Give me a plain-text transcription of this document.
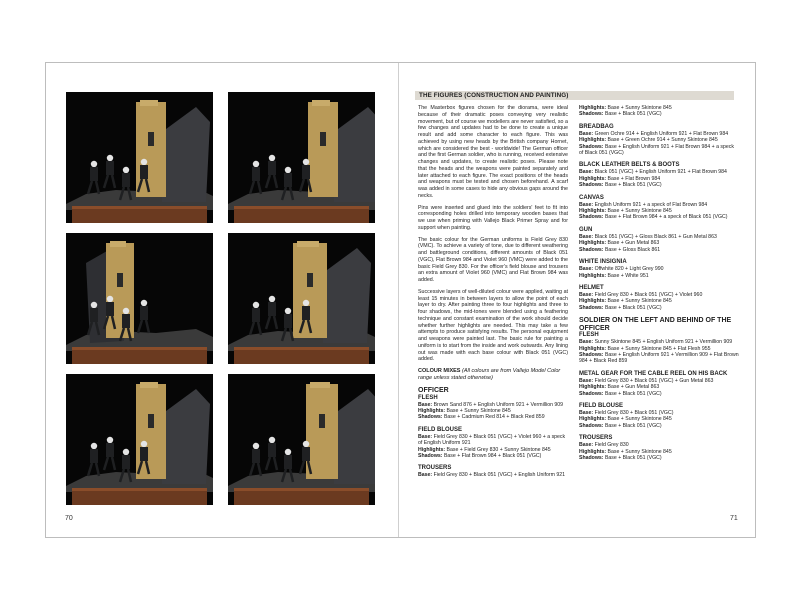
70	71
THE FIGURES (CONSTRUCTION AND PAINTING)

The Masterbox figures chosen for the diorama, were ideal because of their dramatic poses conveying very realistic movement, but of course we modellers are never satisfied, so a few changes and updates had to be done to create a unique result and add some character to each figure. This was achieved by using new heads by the British company Hornet, which are considered the best - worldwide! The German officer and the first German soldier, who is running, received extensive changes and updates, to create realistic poses. Please note that the heads and the weapons were painted separately and later attached to each figure. The exact positions of the heads and weapons must be tested and chosen beforehand. A scarf was added in some cases to hide any obvious gaps around the necks.

Pins were inserted and glued into the soldiers' feet to fit into corresponding holes drilled into temporary wooden bases that we use when priming with Vallejo Black Primer Spray and for support when painting.

The basic colour for the German uniforms is Field Grey 830 (VMC). To achieve a variety of tone, due to different weathering and battleground conditions, different amounts of Black 051 (VGC), Flat Brown 984 and Violet 960 (VMC) were added to the basic Field Grey 830. For the officer's field blouse and trousers an extra amount of Violet 960 (VMC) and Flat Brown 984 was added.

Successive layers of well-diluted colour were applied, waiting at least 15 minutes in between layers to allow the point of each layer to dry. After painting three to four highlights and three to four shadows, the mid-tones were blended using a feathering technique and constant examination of the work should decide whether further highlights are needed. This may take a few attempts to produce satisfying results. The personal equipment and weapons were painted last. The basic rule for painting a uniform is to start from the inside and work outwards. Any lining out was made with each base colour with Black 051 (VGC) added.

COLOUR MIXES (All colours are from Vallejo Model Color range unless stated otherwise)
OFFICER
FLESH
Base: Brown Sand 876 + English Uniform 921 + Vermillion 909
Highlights: Base + Sunny Skintone 845
Shadows: Base + Cadmium Red 814 + Black Red 859
FIELD BLOUSE
Base: Field Grey 830 + Black 051 (VGC) + Violet 960 + a speck of English Uniform 921
Highlights: Base + Field Grey 830 + Sunny Skintone 845
Shadows: Base + Flat Brown 984 + Black 051 (VGC)
TROUSERS
Base: Field Grey 830 + Black 051 (VGC) + English Uniform 921
Highlights: Base + Sunny Skintone 845
Shadows: Base + Black 051 (VGC)
BREADBAG
Base: Green Ochre 914 + English Uniform 921 + Flat Brown 984
Highlights: Base + Green Ochre 914 + Sunny Skintone 845
Shadows: Base + English Uniform 921 + Flat Brown 984 + a speck of Black 051 (VGC)
BLACK LEATHER BELTS & BOOTS
Base: Black 051 (VGC) + English Uniform 921 + Flat Brown 984
Highlights: Base + Flat Brown 984
Shadows: Base + Black 051 (VGC)
CANVAS
Base: English Uniform 921 + a speck of Flat Brown 984
Highlights: Base + Sunny Skintone 845
Shadows: Base + Flat Brown 984 + a speck of Black 051 (VGC)
GUN
Base: Black 051 (VGC) + Gloss Black 861 + Gun Metal 863
Highlights: Base + Gun Metal 863
Shadows: Base + Gloss Black 861
WHITE INSIGNIA
Base: Offwhite 820 + Light Grey 990
Highlights: Base + White 951
HELMET
Base: Field Grey 830 + Black 051 (VGC) + Violet 960
Highlights: Base + Sunny Skintone 845
Shadows: Base + Black 051 (VGC)
SOLDIER ON THE LEFT AND BEHIND OF THE OFFICER
FLESH
Base: Sunny Skintone 845 + English Uniform 921 + Vermillion 909
Highlights: Base + Sunny Skintone 845 + Flat Flesh 955
Shadows: Base + English Uniform 921 + Vermillion 909 + Flat Brown 984 + Black Red 859
METAL GEAR FOR THE CABLE REEL ON HIS BACK
Base: Field Grey 830 + Black 051 (VGC) + Gun Metal 863
Highlights: Base + Gun Metal 863
Shadows: Base + Black 051 (VGC)
FIELD BLOUSE
Base: Field Grey 830 + Black 051 (VGC)
Highlights: Base + Sunny Skintone 845
Shadows: Base + Black 051 (VGC)
TROUSERS
Base: Field Grey 830
Highlights: Base + Sunny Skintone 845
Shadows: Base + Black 051 (VGC)
